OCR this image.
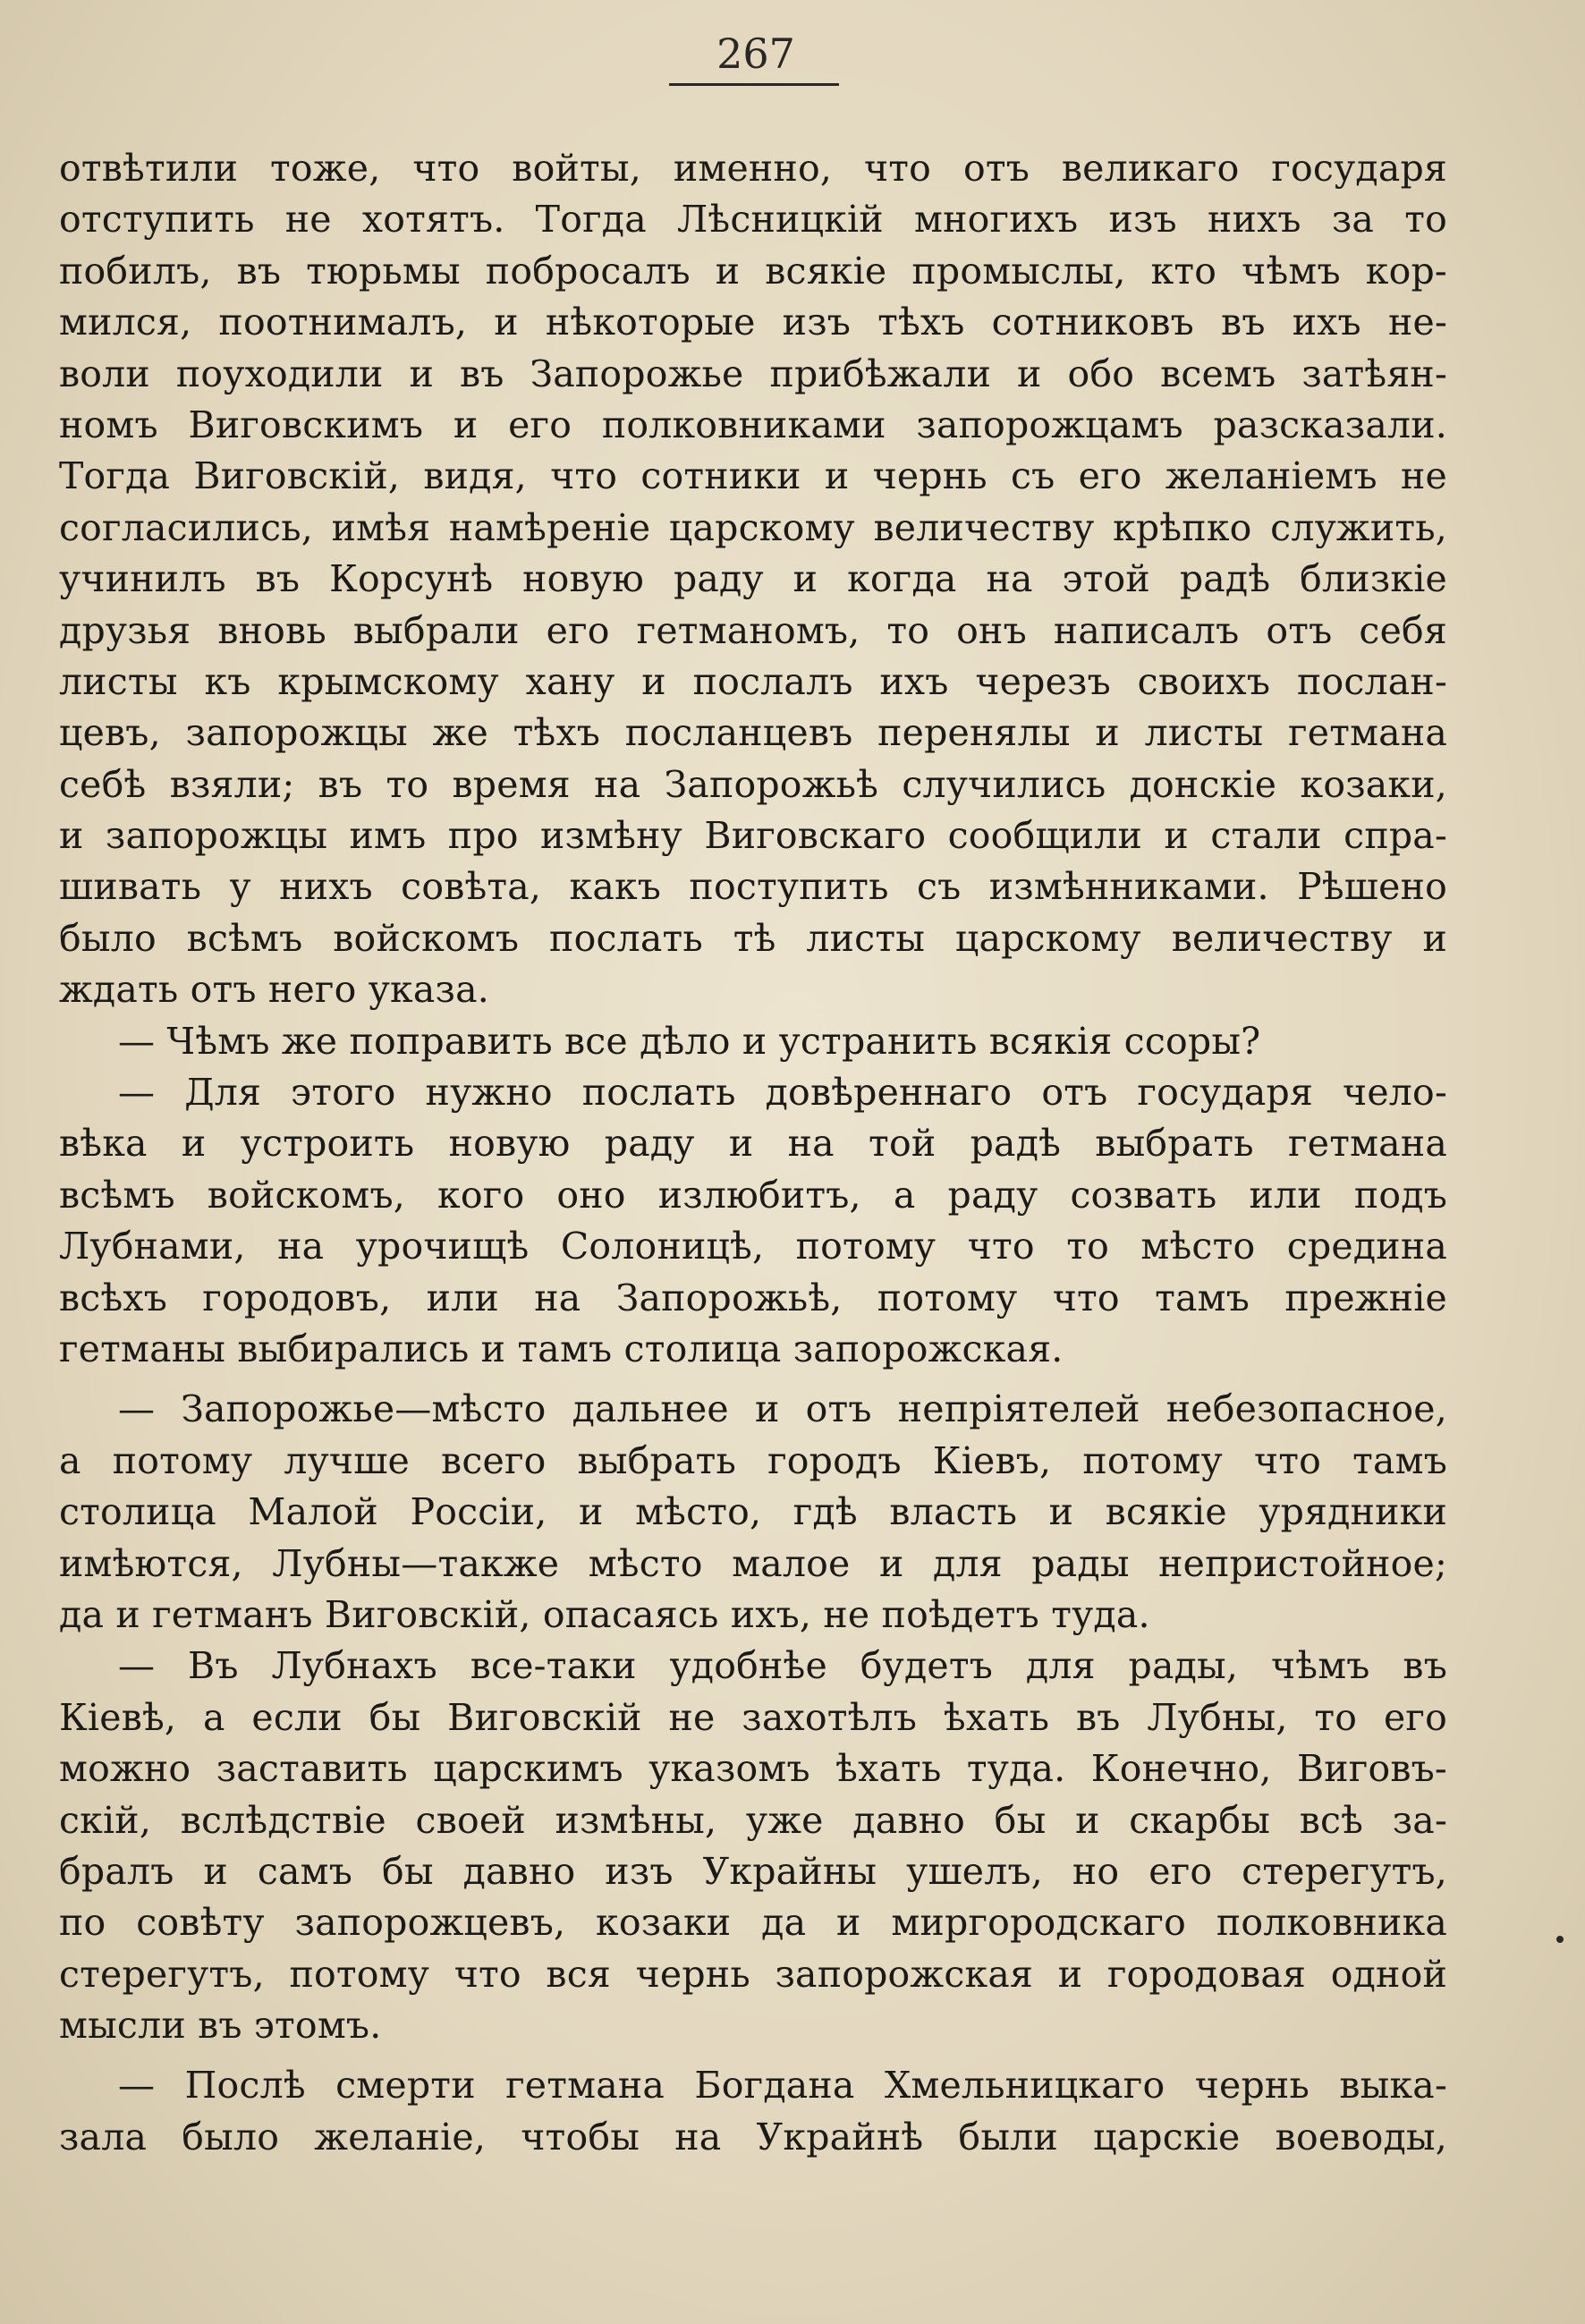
267
отвѣтили тоже, что войты, именно, что отъ великаго государя
отступить не хотятъ. Тогда Лѣсницкій многихъ изъ нихъ за то
побилъ, въ тюрьмы побросалъ и всякіе промыслы, кто чѣмъ кор-
мился, поотнималъ, и нѣкоторые изъ тѣхъ сотниковъ въ ихъ не-
воли поуходили и въ Запорожье прибѣжали и обо всемъ затѣян-
номъ Виговскимъ и его полковниками запорожцамъ разсказали.
Тогда Виговскій, видя, что сотники и чернь съ его желаніемъ не
согласились, имѣя намѣреніе царскому величеству крѣпко служить,
учинилъ въ Корсунѣ новую раду и когда на этой радѣ близкіе
друзья вновь выбрали его гетманомъ, то онъ написалъ отъ себя
листы къ крымскому хану и послалъ ихъ черезъ своихъ послан-
цевъ, запорожцы же тѣхъ посланцевъ перенялы и листы гетмана
себѣ взяли; въ то время на Запорожьѣ случились донскіе козаки,
и запорожцы имъ про измѣну Виговскаго сообщили и стали спра-
шивать у нихъ совѣта, какъ поступить съ измѣнниками. Рѣшено
было всѣмъ войскомъ послать тѣ листы царскому величеству и
ждать отъ него указа.
— Чѣмъ же поправить все дѣло и устранить всякія ссоры?
— Для этого нужно послать довѣреннаго отъ государя чело-
вѣка и устроить новую раду и на той радѣ выбрать гетмана
всѣмъ войскомъ, кого оно излюбитъ, а раду созвать или подъ
Лубнами, на урочищѣ Солоницѣ, потому что то мѣсто средина
всѣхъ городовъ, или на Запорожьѣ, потому что тамъ прежніе
гетманы выбирались и тамъ столица запорожская.
— Запорожье—мѣсто дальнее и отъ непріятелей небезопасное,
а потому лучше всего выбрать городъ Кіевъ, потому что тамъ
столица Малой Россіи, и мѣсто, гдѣ власть и всякіе урядники
имѣются, Лубны—также мѣсто малое и для рады непристойное;
да и гетманъ Виговскій, опасаясь ихъ, не поѣдетъ туда.
— Въ Лубнахъ все-таки удобнѣе будетъ для рады, чѣмъ въ
Кіевѣ, а если бы Виговскій не захотѣлъ ѣхать въ Лубны, то его
можно заставить царскимъ указомъ ѣхать туда. Конечно, Виговъ-
скій, вслѣдствіе своей измѣны, уже давно бы и скарбы всѣ за-
бралъ и самъ бы давно изъ Украйны ушелъ, но его стерегутъ,
по совѣту запорожцевъ, козаки да и миргородскаго полковника
стерегутъ, потому что вся чернь запорожская и городовая одной
мысли въ этомъ.
— Послѣ смерти гетмана Богдана Хмельницкаго чернь выка-
зала было желаніе, чтобы на Украйнѣ были царскіе воеводы,
